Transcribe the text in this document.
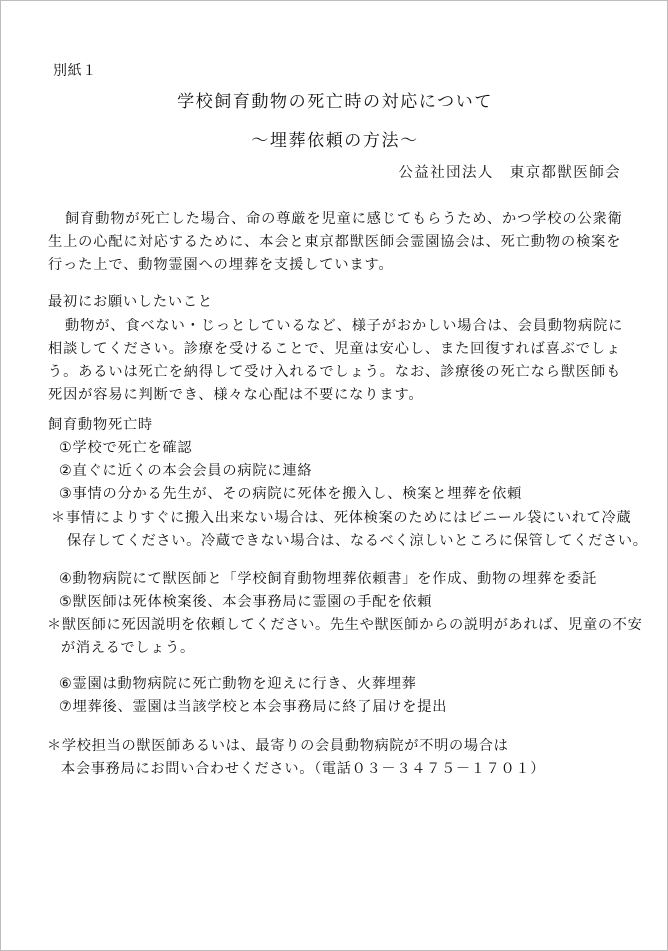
別紙１
学校飼育動物の死亡時の対応について
～埋葬依頼の方法～
公益社団法人　東京都獣医師会
飼育動物が死亡した場合、命の尊厳を児童に感じてもらうため、かつ学校の公衆衛生上の心配に対応するために、本会と東京都獣医師会霊園協会は、死亡動物の検案を行った上で、動物霊園への埋葬を支援しています。
最初にお願いしたいこと
動物が、食べない・じっとしているなど、様子がおかしい場合は、会員動物病院に相談してください。診療を受けることで、児童は安心し、また回復すれば喜ぶでしょう。あるいは死亡を納得して受け入れるでしょう。なお、診療後の死亡なら獣医師も死因が容易に判断でき、様々な心配は不要になります。
飼育動物死亡時
①学校で死亡を確認
②直ぐに近くの本会会員の病院に連絡
③事情の分かる先生が、その病院に死体を搬入し、検案と埋葬を依頼
＊事情によりすぐに搬入出来ない場合は、死体検案のためにはビニール袋にいれて冷蔵
保存してください。冷蔵できない場合は、なるべく涼しいところに保管してください。
④動物病院にて獣医師と「学校飼育動物埋葬依頼書」を作成、動物の埋葬を委託
⑤獣医師は死体検案後、本会事務局に霊園の手配を依頼
＊獣医師に死因説明を依頼してください。先生や獣医師からの説明があれば、児童の不安
が消えるでしょう。
⑥霊園は動物病院に死亡動物を迎えに行き、火葬埋葬
⑦埋葬後、霊園は当該学校と本会事務局に終了届けを提出
＊学校担当の獣医師あるいは、最寄りの会員動物病院が不明の場合は
本会事務局にお問い合わせください。（電話０３－３４７５－１７０１）
